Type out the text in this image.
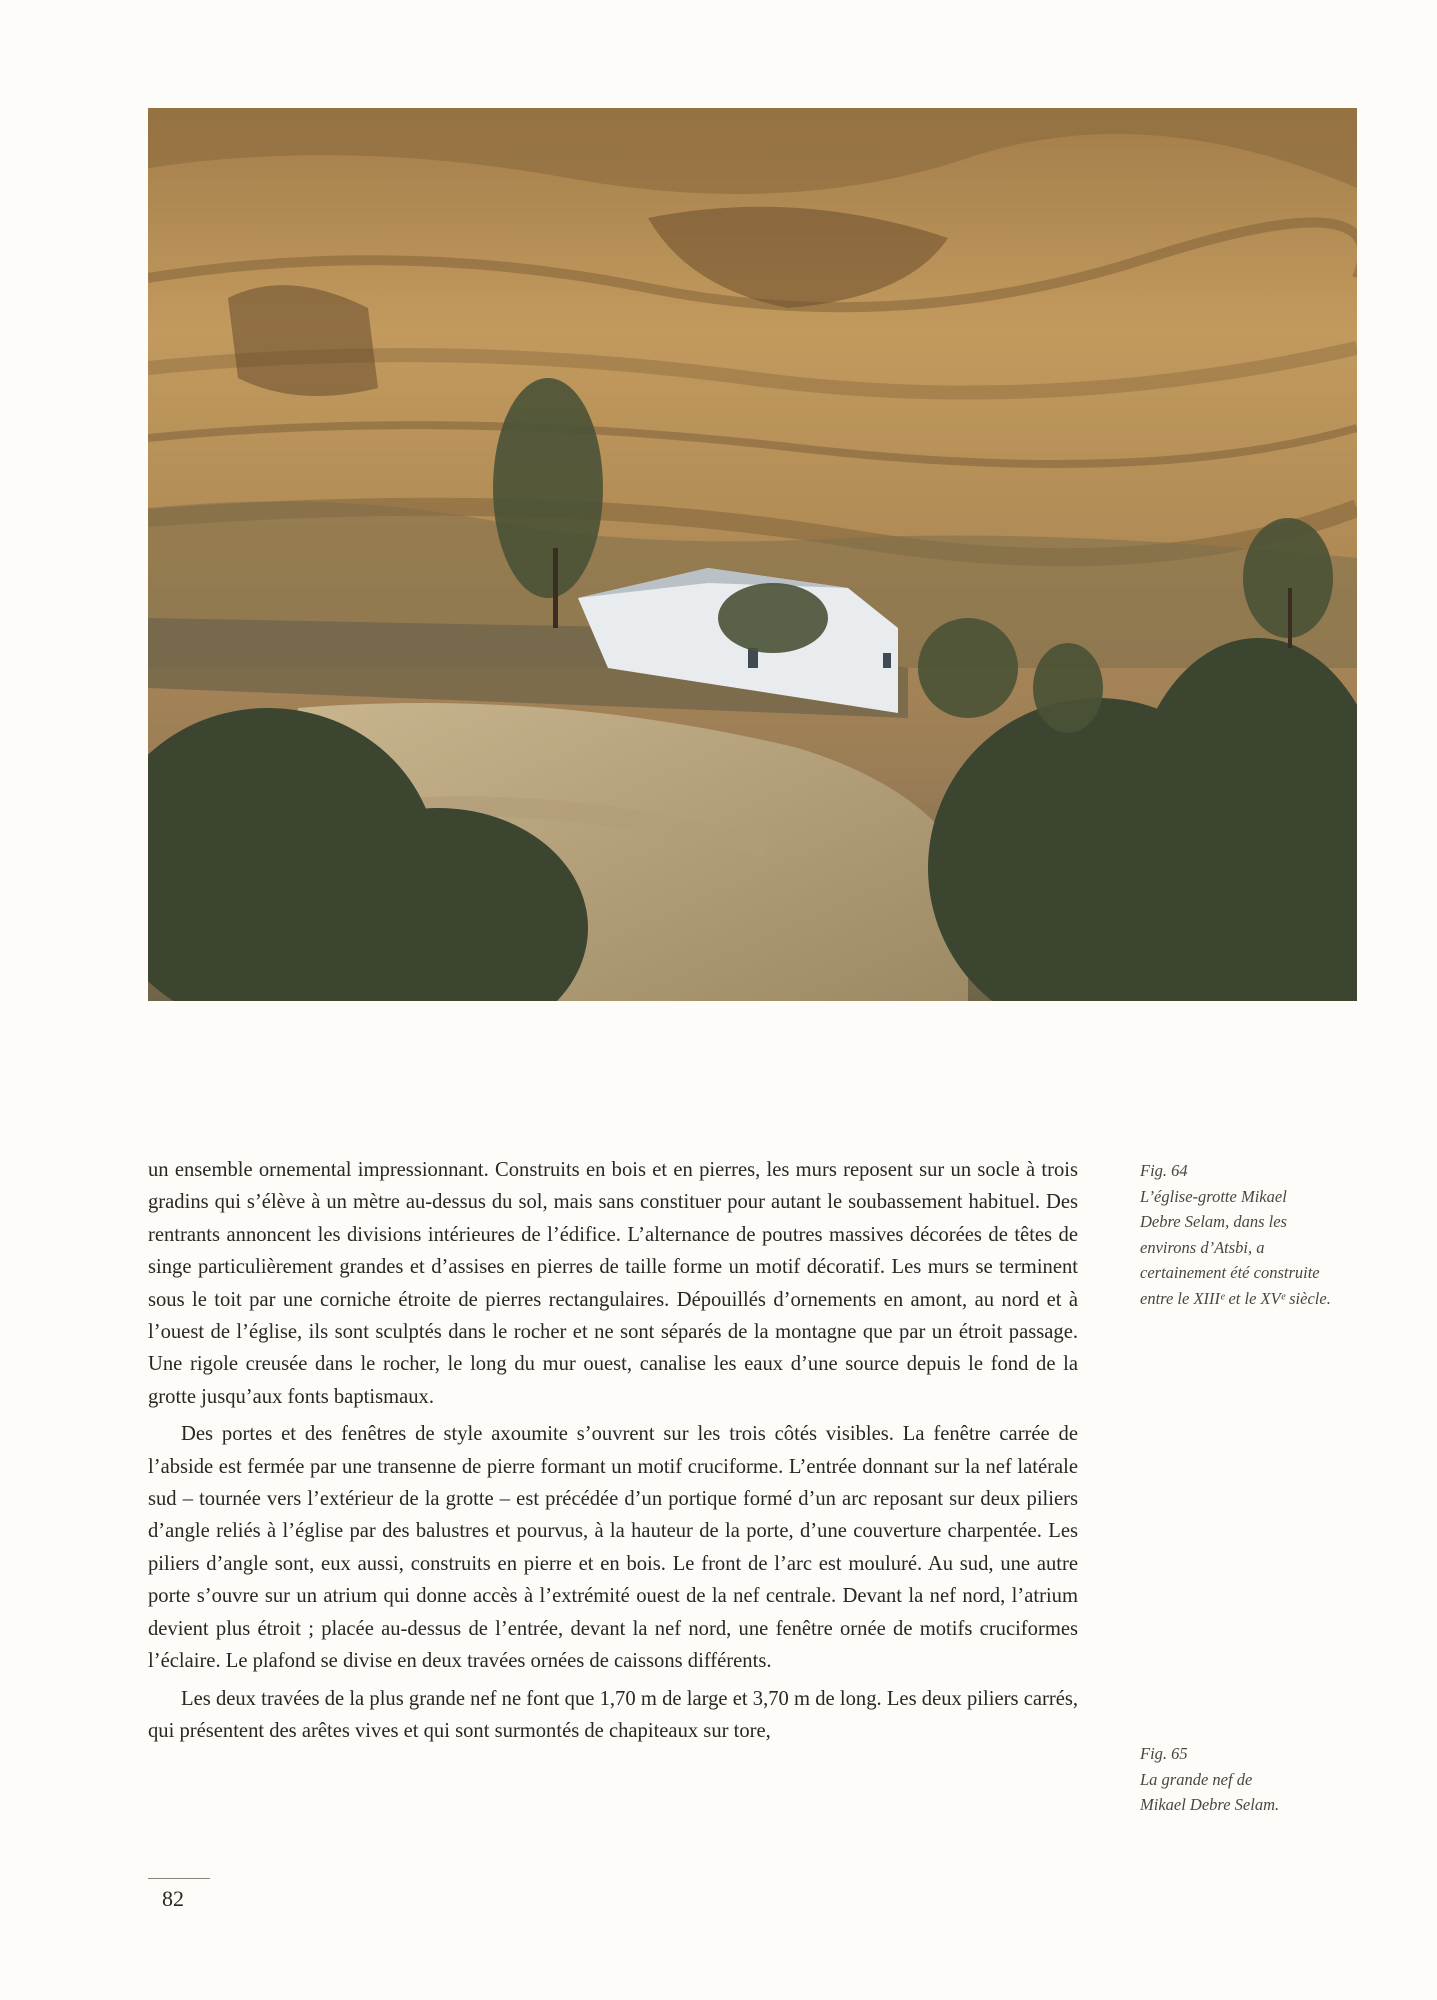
un ensemble ornemental impressionnant. Construits en bois et en pierres, les murs reposent sur un socle à trois gradins qui s’élève à un mètre au-dessus du sol, mais sans constituer pour autant le soubassement habituel. Des rentrants annoncent les divisions intérieures de l’édifice. L’alternance de poutres massives décorées de têtes de singe particulièrement grandes et d’assises en pierres de taille forme un motif décoratif. Les murs se terminent sous le toit par une corniche étroite de pierres rectangulaires. Dépouillés d’ornements en amont, au nord et à l’ouest de l’église, ils sont sculptés dans le rocher et ne sont séparés de la montagne que par un étroit passage. Une rigole creusée dans le rocher, le long du mur ouest, canalise les eaux d’une source depuis le fond de la grotte jusqu’aux fonts baptismaux.

Des portes et des fenêtres de style axoumite s’ouvrent sur les trois côtés visibles. La fenêtre carrée de l’abside est fermée par une transenne de pierre formant un motif cruciforme. L’entrée donnant sur la nef latérale sud – tournée vers l’extérieur de la grotte – est précédée d’un portique formé d’un arc reposant sur deux piliers d’angle reliés à l’église par des balustres et pourvus, à la hauteur de la porte, d’une couverture charpentée. Les piliers d’angle sont, eux aussi, construits en pierre et en bois. Le front de l’arc est mouluré. Au sud, une autre porte s’ouvre sur un atrium qui donne accès à l’extrémité ouest de la nef centrale. Devant la nef nord, l’atrium devient plus étroit ; placée au-dessus de l’entrée, devant la nef nord, une fenêtre ornée de motifs cruciformes l’éclaire. Le plafond se divise en deux travées ornées de caissons différents.

Les deux travées de la plus grande nef ne font que 1,70 m de large et 3,70 m de long. Les deux piliers carrés, qui présentent des arêtes vives et qui sont surmontés de chapiteaux sur tore,

Fig. 64
L’église-grotte Mikael
Debre Selam, dans les
environs d’Atsbi, a
certainement été construite
entre le XIIIᵉ et le XVᵉ siècle.
Fig. 65
La grande nef de
Mikael Debre Selam.
82
